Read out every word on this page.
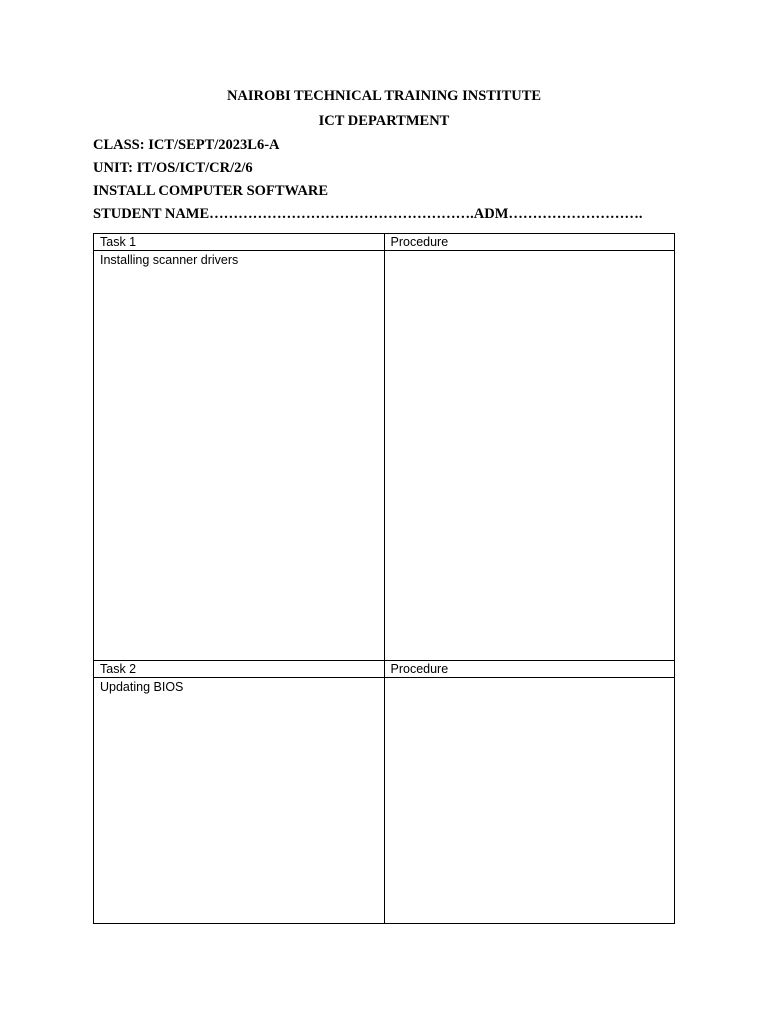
NAIROBI TECHNICAL TRAINING INSTITUTE
ICT DEPARTMENT
CLASS: ICT/SEPT/2023L6-A
UNIT: IT/OS/ICT/CR/2/6
INSTALL COMPUTER SOFTWARE
STUDENT NAME……………………………………………….ADM……………………….
Task 1	Procedure
Installing scanner drivers	
Task 2	Procedure
Updating BIOS	
